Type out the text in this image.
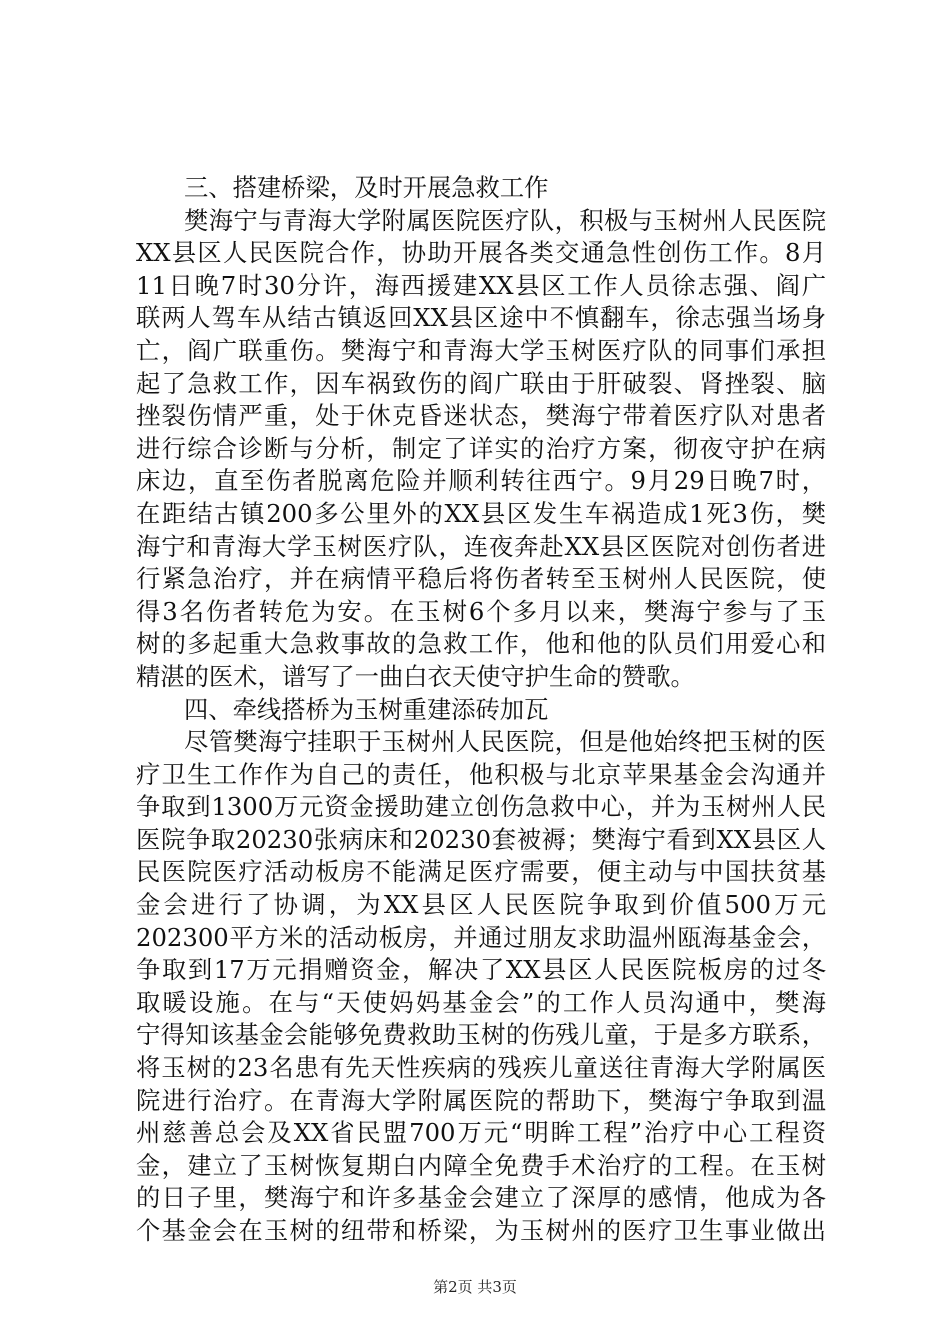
三、搭建桥梁，及时开展急救工作
樊海宁与青海大学附属医院医疗队，积极与玉树州人民医院
XX县区人民医院合作，协助开展各类交通急性创伤工作。8月
11日晚7时30分许，海西援建XX县区工作人员徐志强、阎广
联两人驾车从结古镇返回XX县区途中不慎翻车，徐志强当场身
亡，阎广联重伤。樊海宁和青海大学玉树医疗队的同事们承担
起了急救工作，因车祸致伤的阎广联由于肝破裂、肾挫裂、脑
挫裂伤情严重，处于休克昏迷状态，樊海宁带着医疗队对患者
进行综合诊断与分析，制定了详实的治疗方案，彻夜守护在病
床边，直至伤者脱离危险并顺利转往西宁。9月29日晚7时，
在距结古镇200多公里外的XX县区发生车祸造成1死3伤，樊
海宁和青海大学玉树医疗队，连夜奔赴XX县区医院对创伤者进
行紧急治疗，并在病情平稳后将伤者转至玉树州人民医院，使
得3名伤者转危为安。在玉树6个多月以来，樊海宁参与了玉
树的多起重大急救事故的急救工作，他和他的队员们用爱心和
精湛的医术，谱写了一曲白衣天使守护生命的赞歌。
四、牵线搭桥为玉树重建添砖加瓦
尽管樊海宁挂职于玉树州人民医院，但是他始终把玉树的医
疗卫生工作作为自己的责任，他积极与北京苹果基金会沟通并
争取到1300万元资金援助建立创伤急救中心，并为玉树州人民
医院争取20230张病床和20230套被褥；樊海宁看到XX县区人
民医院医疗活动板房不能满足医疗需要，便主动与中国扶贫基
金会进行了协调，为XX县区人民医院争取到价值500万元
202300平方米的活动板房，并通过朋友求助温州瓯海基金会，
争取到17万元捐赠资金，解决了XX县区人民医院板房的过冬
取暖设施。在与“天使妈妈基金会”的工作人员沟通中，樊海
宁得知该基金会能够免费救助玉树的伤残儿童，于是多方联系，
将玉树的23名患有先天性疾病的残疾儿童送往青海大学附属医
院进行治疗。在青海大学附属医院的帮助下，樊海宁争取到温
州慈善总会及XX省民盟700万元“明眸工程”治疗中心工程资
金，建立了玉树恢复期白内障全免费手术治疗的工程。在玉树
的日子里，樊海宁和许多基金会建立了深厚的感情，他成为各
个基金会在玉树的纽带和桥梁，为玉树州的医疗卫生事业做出
第2页 共3页
